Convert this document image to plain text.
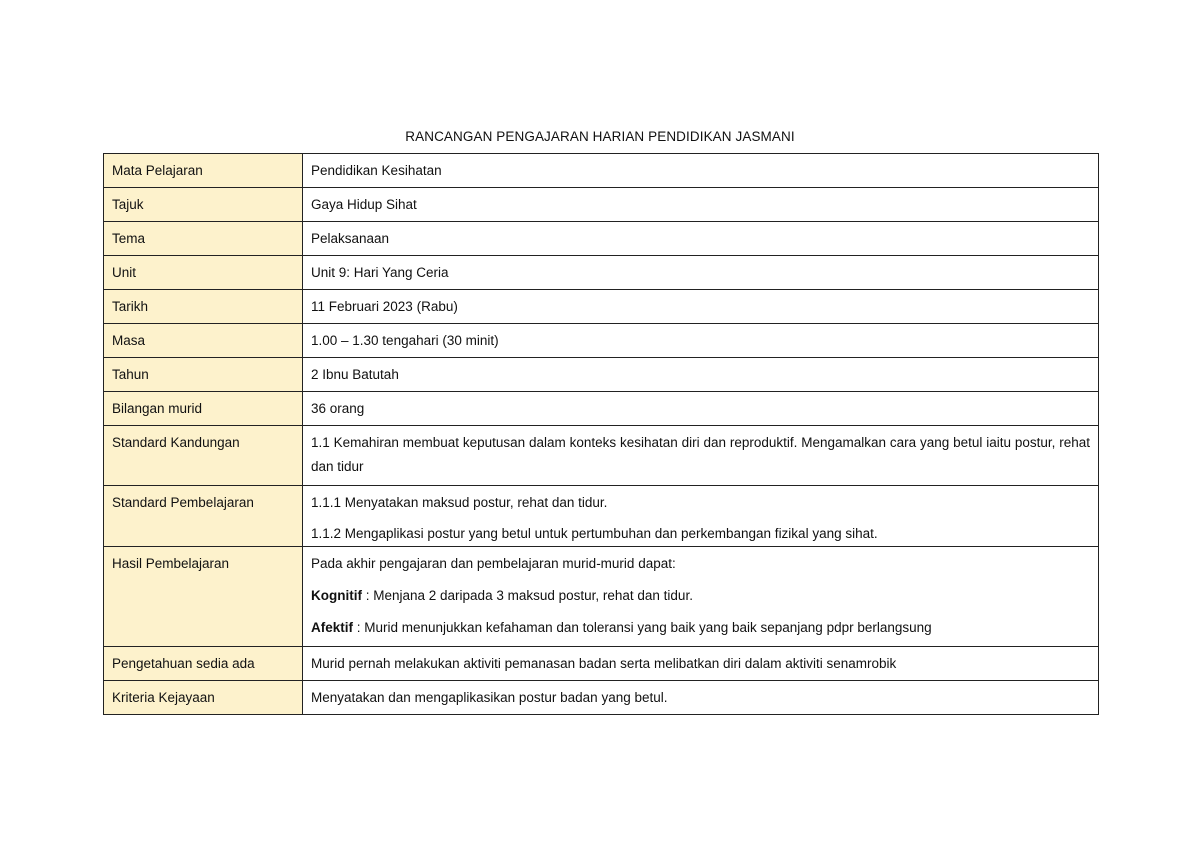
RANCANGAN PENGAJARAN HARIAN PENDIDIKAN JASMANI
Mata Pelajaran	Pendidikan Kesihatan
Tajuk	Gaya Hidup Sihat
Tema	Pelaksanaan
Unit	Unit 9: Hari Yang Ceria
Tarikh	11 Februari 2023 (Rabu)
Masa	1.00 – 1.30 tengahari (30 minit)
Tahun	2 Ibnu Batutah
Bilangan murid	36 orang
Standard Kandungan	1.1 Kemahiran membuat keputusan dalam konteks kesihatan diri dan reproduktif. Mengamalkan cara yang betul iaitu postur, rehat dan tidur
Standard Pembelajaran	1.1.1 Menyatakan maksud postur, rehat dan tidur.
1.1.2 Mengaplikasi postur yang betul untuk pertumbuhan dan perkembangan fizikal yang sihat.

Hasil Pembelajaran	Pada akhir pengajaran dan pembelajaran murid-murid dapat:
Kognitif : Menjana 2 daripada 3 maksud postur, rehat dan tidur.
Afektif : Murid menunjukkan kefahaman dan toleransi yang baik yang baik sepanjang pdpr berlangsung

Pengetahuan sedia ada	Murid pernah melakukan aktiviti pemanasan badan serta melibatkan diri dalam aktiviti senamrobik
Kriteria Kejayaan	Menyatakan dan mengaplikasikan postur badan yang betul.
